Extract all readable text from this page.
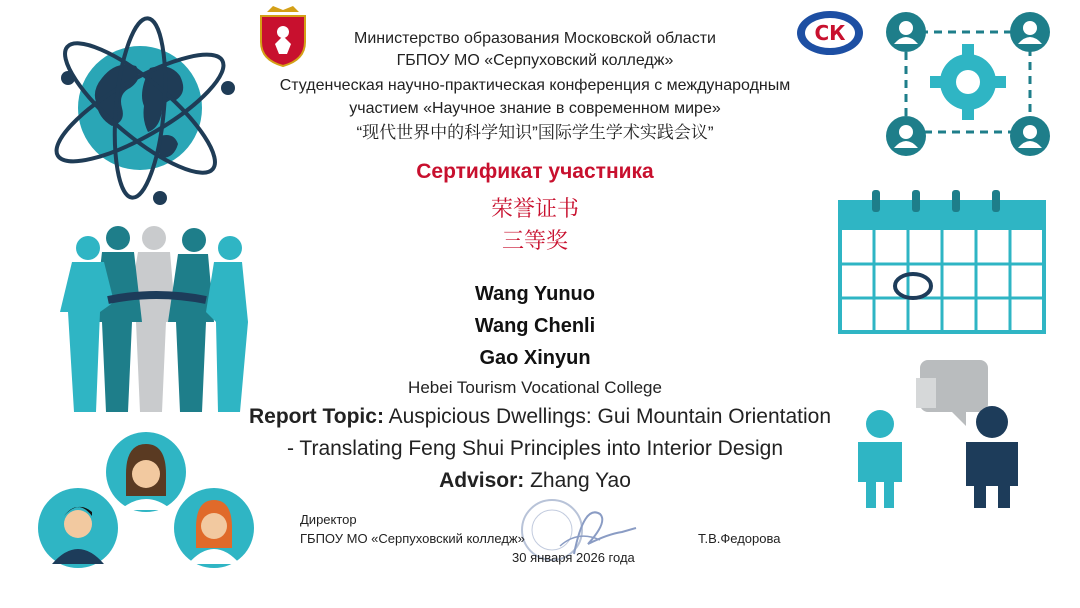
СК
Министерство образования Московской области
ГБПОУ МО «Серпуховский колледж»
Студенческая научно-практическая конференция с международным
участием «Научное знание в современном мире»
“现代世界中的科学知识”国际学生学术实践会议”
Сертификат участника
荣誉证书
三等奖
Wang Yunuo
Wang Chenli
Gao Xinyun
Hebei Tourism Vocational College
Report Topic: Auspicious Dwellings: Gui Mountain Orientation
- Translating Feng Shui Principles into Interior Design
Advisor: Zhang Yao
Директор
ГБПОУ МО «Серпуховский колледж»	Т.В.Федорова
30 января 2026 года
